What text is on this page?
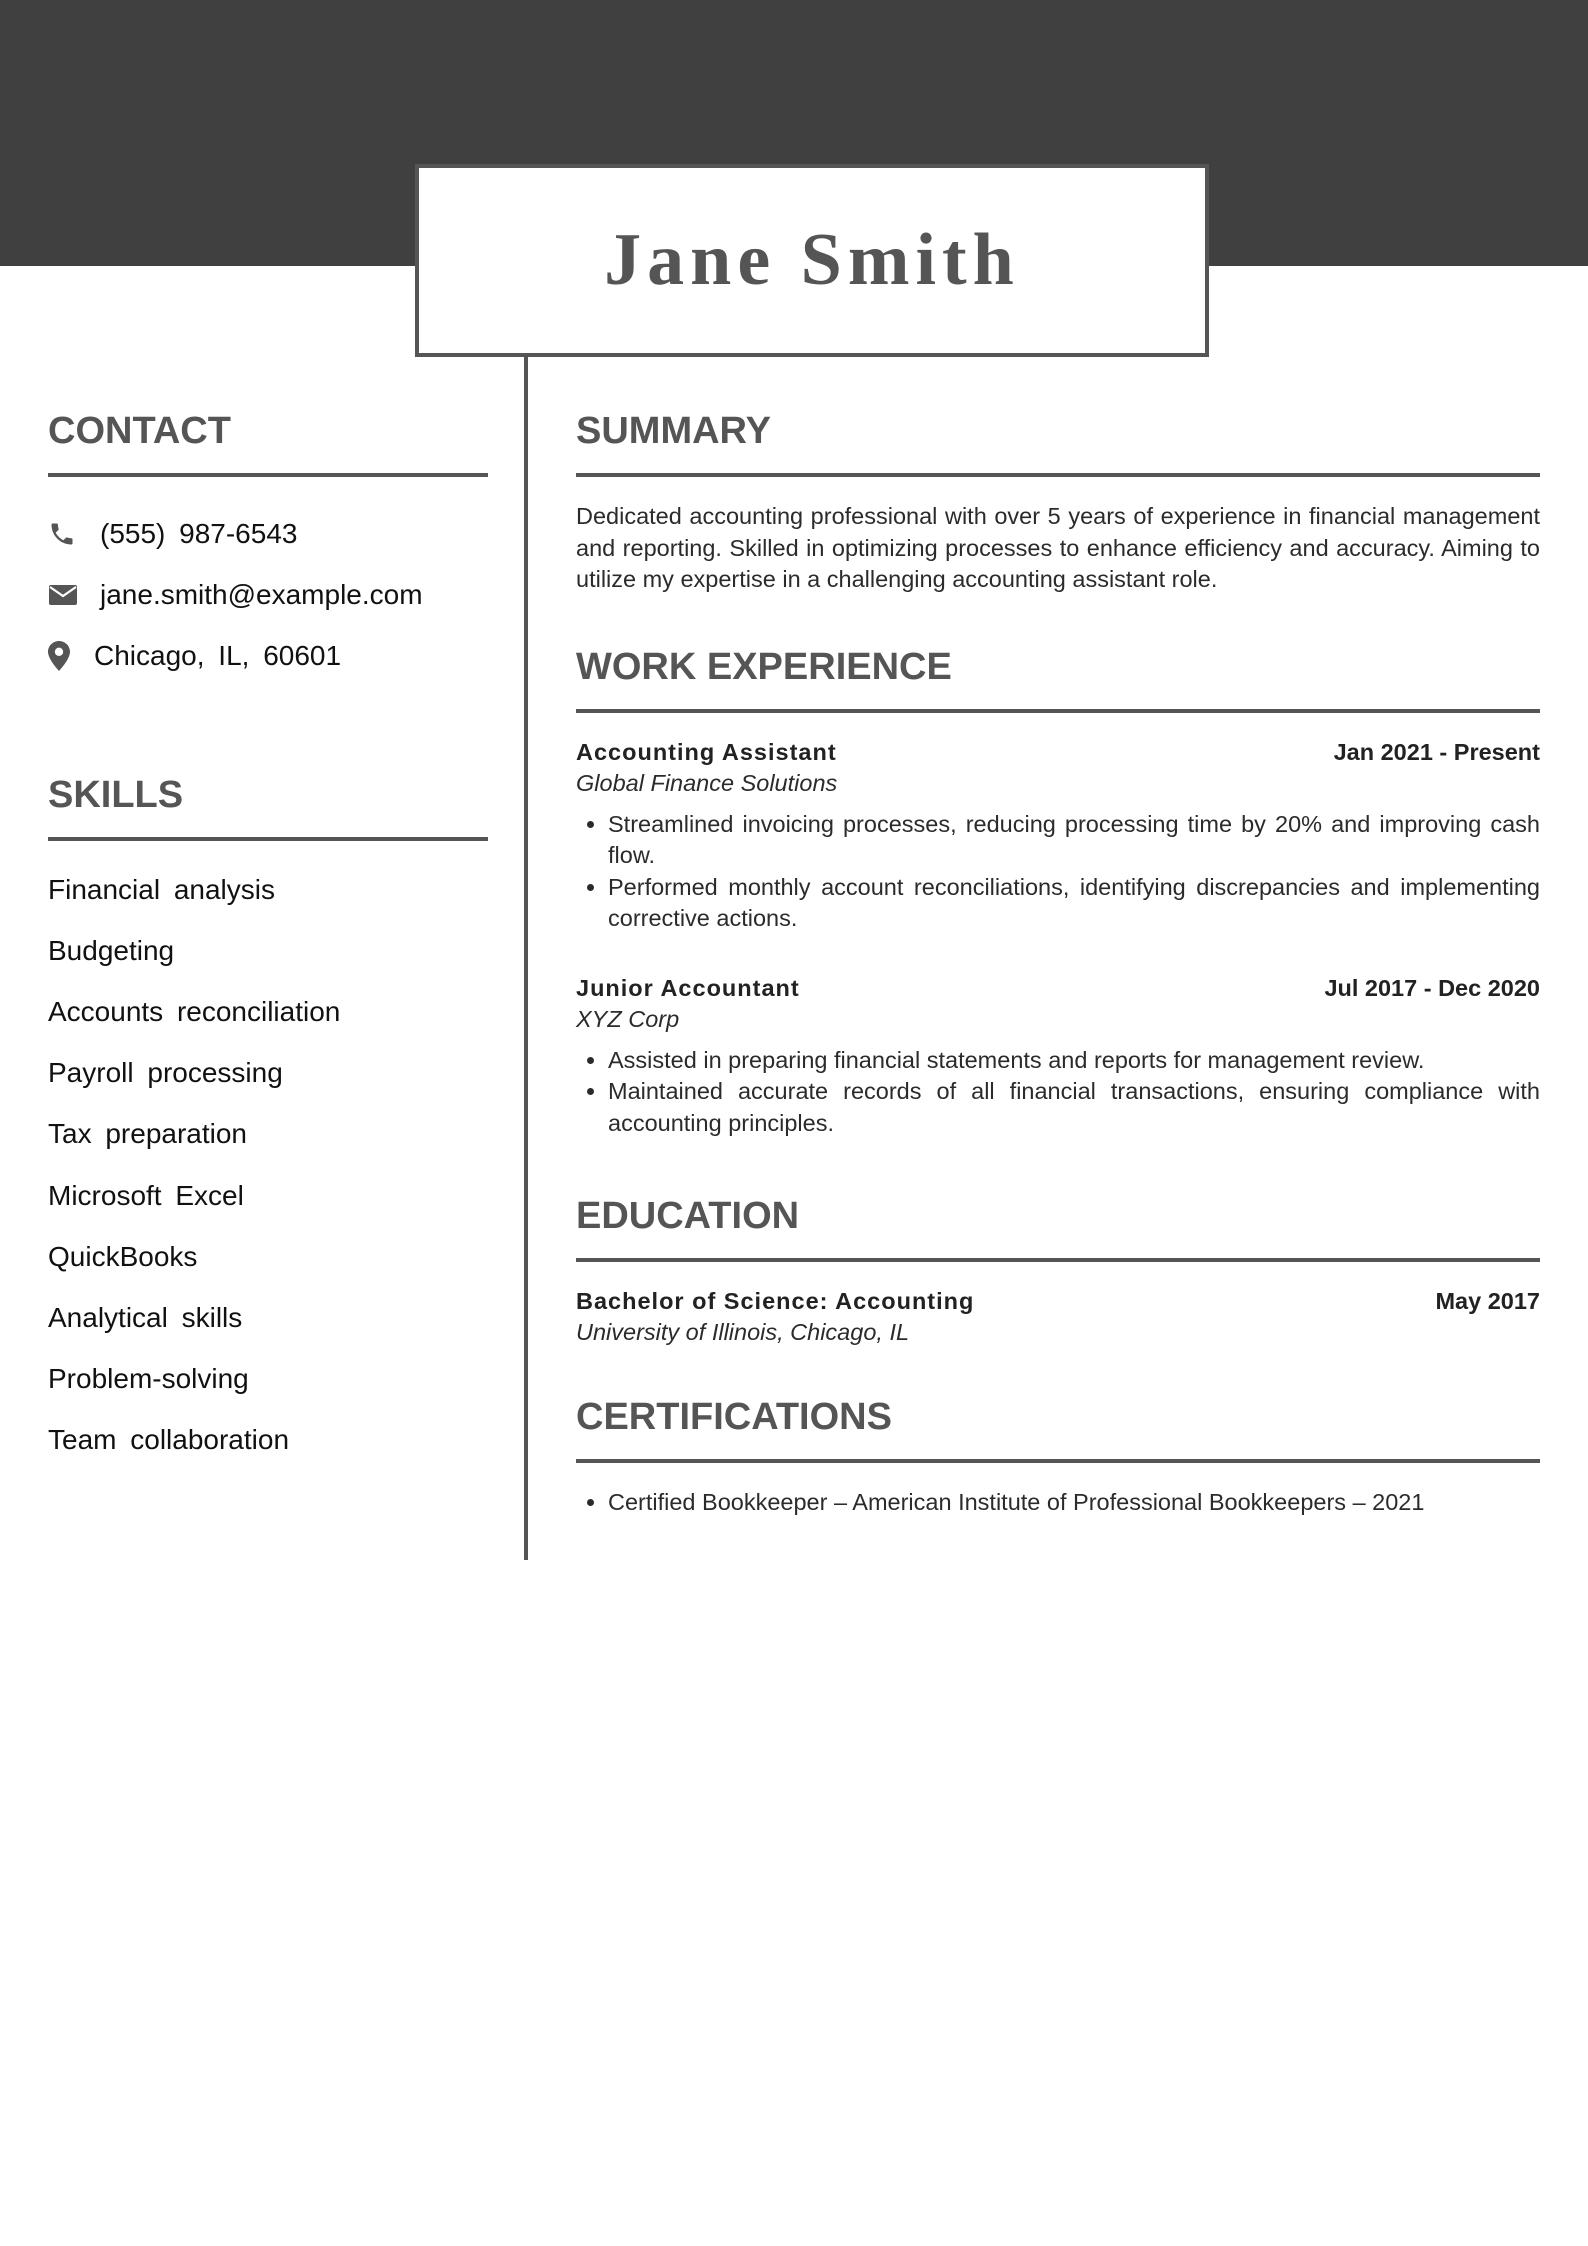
Jane Smith
CONTACT
(555) 987-6543
jane.smith@example.com
Chicago, IL, 60601
SKILLS
Financial analysis
Budgeting
Accounts reconciliation
Payroll processing
Tax preparation
Microsoft Excel
QuickBooks
Analytical skills
Problem-solving
Team collaboration
SUMMARY

Dedicated accounting professional with over 5 years of experience in financial management and reporting. Skilled in optimizing processes to enhance efficiency and accuracy. Aiming to utilize my expertise in a challenging accounting assistant role.

WORK EXPERIENCE
Accounting Assistant	Jan 2021 - Present
Global Finance Solutions
• Streamlined invoicing processes, reducing processing time by 20% and improving cash flow.
• Performed monthly account reconciliations, identifying discrepancies and implementing corrective actions.
Junior Accountant	Jul 2017 - Dec 2020
XYZ Corp
• Assisted in preparing financial statements and reports for management review.
• Maintained accurate records of all financial transactions, ensuring compliance with accounting principles.
EDUCATION
Bachelor of Science: Accounting	May 2017
University of Illinois, Chicago, IL
CERTIFICATIONS
• Certified Bookkeeper – American Institute of Professional Bookkeepers – 2021
